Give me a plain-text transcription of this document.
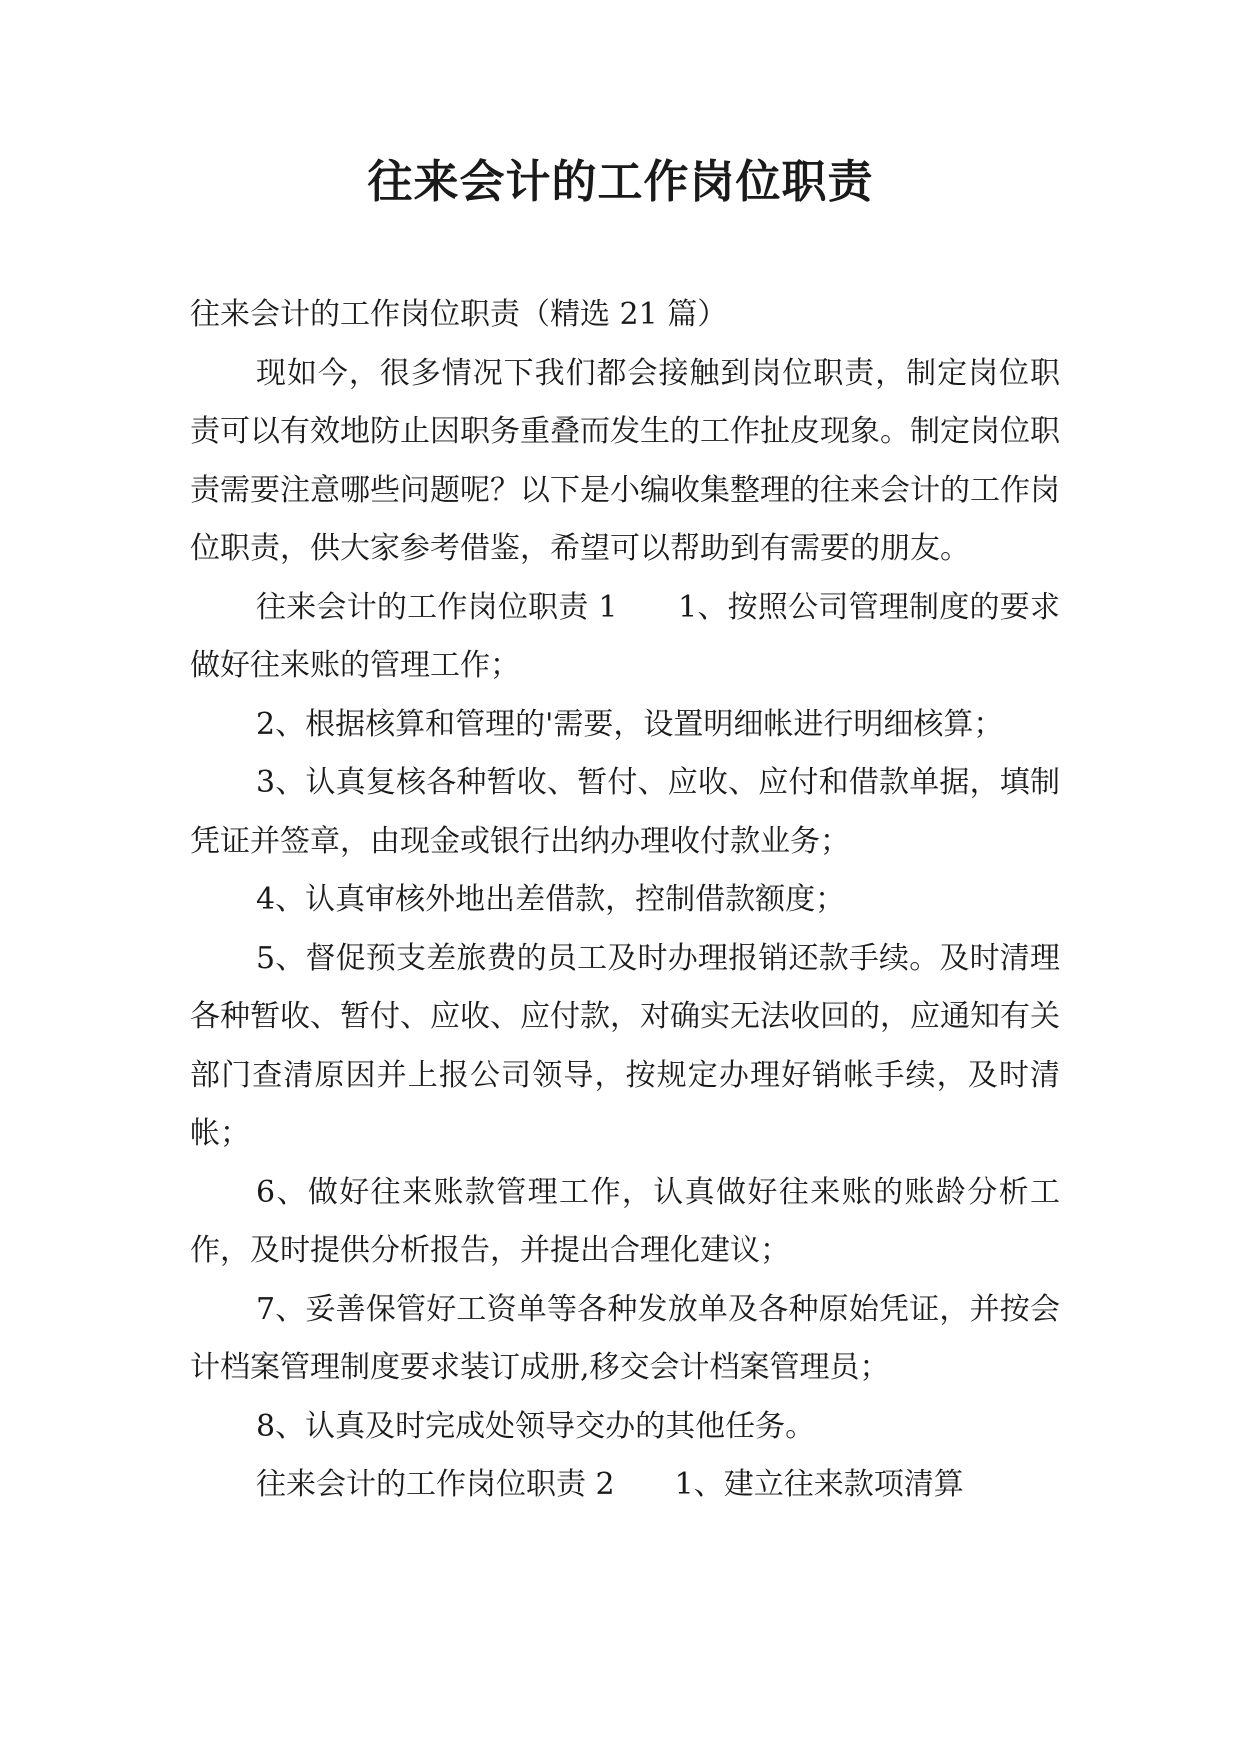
往来会计的工作岗位职责

往来会计的工作岗位职责（精选 21 篇）

现如今，很多情况下我们都会接触到岗位职责，制定岗位职责可以有效地防止因职务重叠而发生的工作扯皮现象。制定岗位职责需要注意哪些问题呢？以下是小编收集整理的往来会计的工作岗位职责，供大家参考借鉴，希望可以帮助到有需要的朋友。

往来会计的工作岗位职责 1　　1、按照公司管理制度的要求做好往来账的管理工作；

2、根据核算和管理的'需要，设置明细帐进行明细核算；

3、认真复核各种暂收、暂付、应收、应付和借款单据，填制凭证并签章，由现金或银行出纳办理收付款业务；

4、认真审核外地出差借款，控制借款额度；

5、督促预支差旅费的员工及时办理报销还款手续。及时清理各种暂收、暂付、应收、应付款，对确实无法收回的，应通知有关部门查清原因并上报公司领导，按规定办理好销帐手续，及时清帐；

6、做好往来账款管理工作，认真做好往来账的账龄分析工作，及时提供分析报告，并提出合理化建议；

7、妥善保管好工资单等各种发放单及各种原始凭证，并按会计档案管理制度要求装订成册,移交会计档案管理员；

8、认真及时完成处领导交办的其他任务。

往来会计的工作岗位职责 2　　1、建立往来款项清算
